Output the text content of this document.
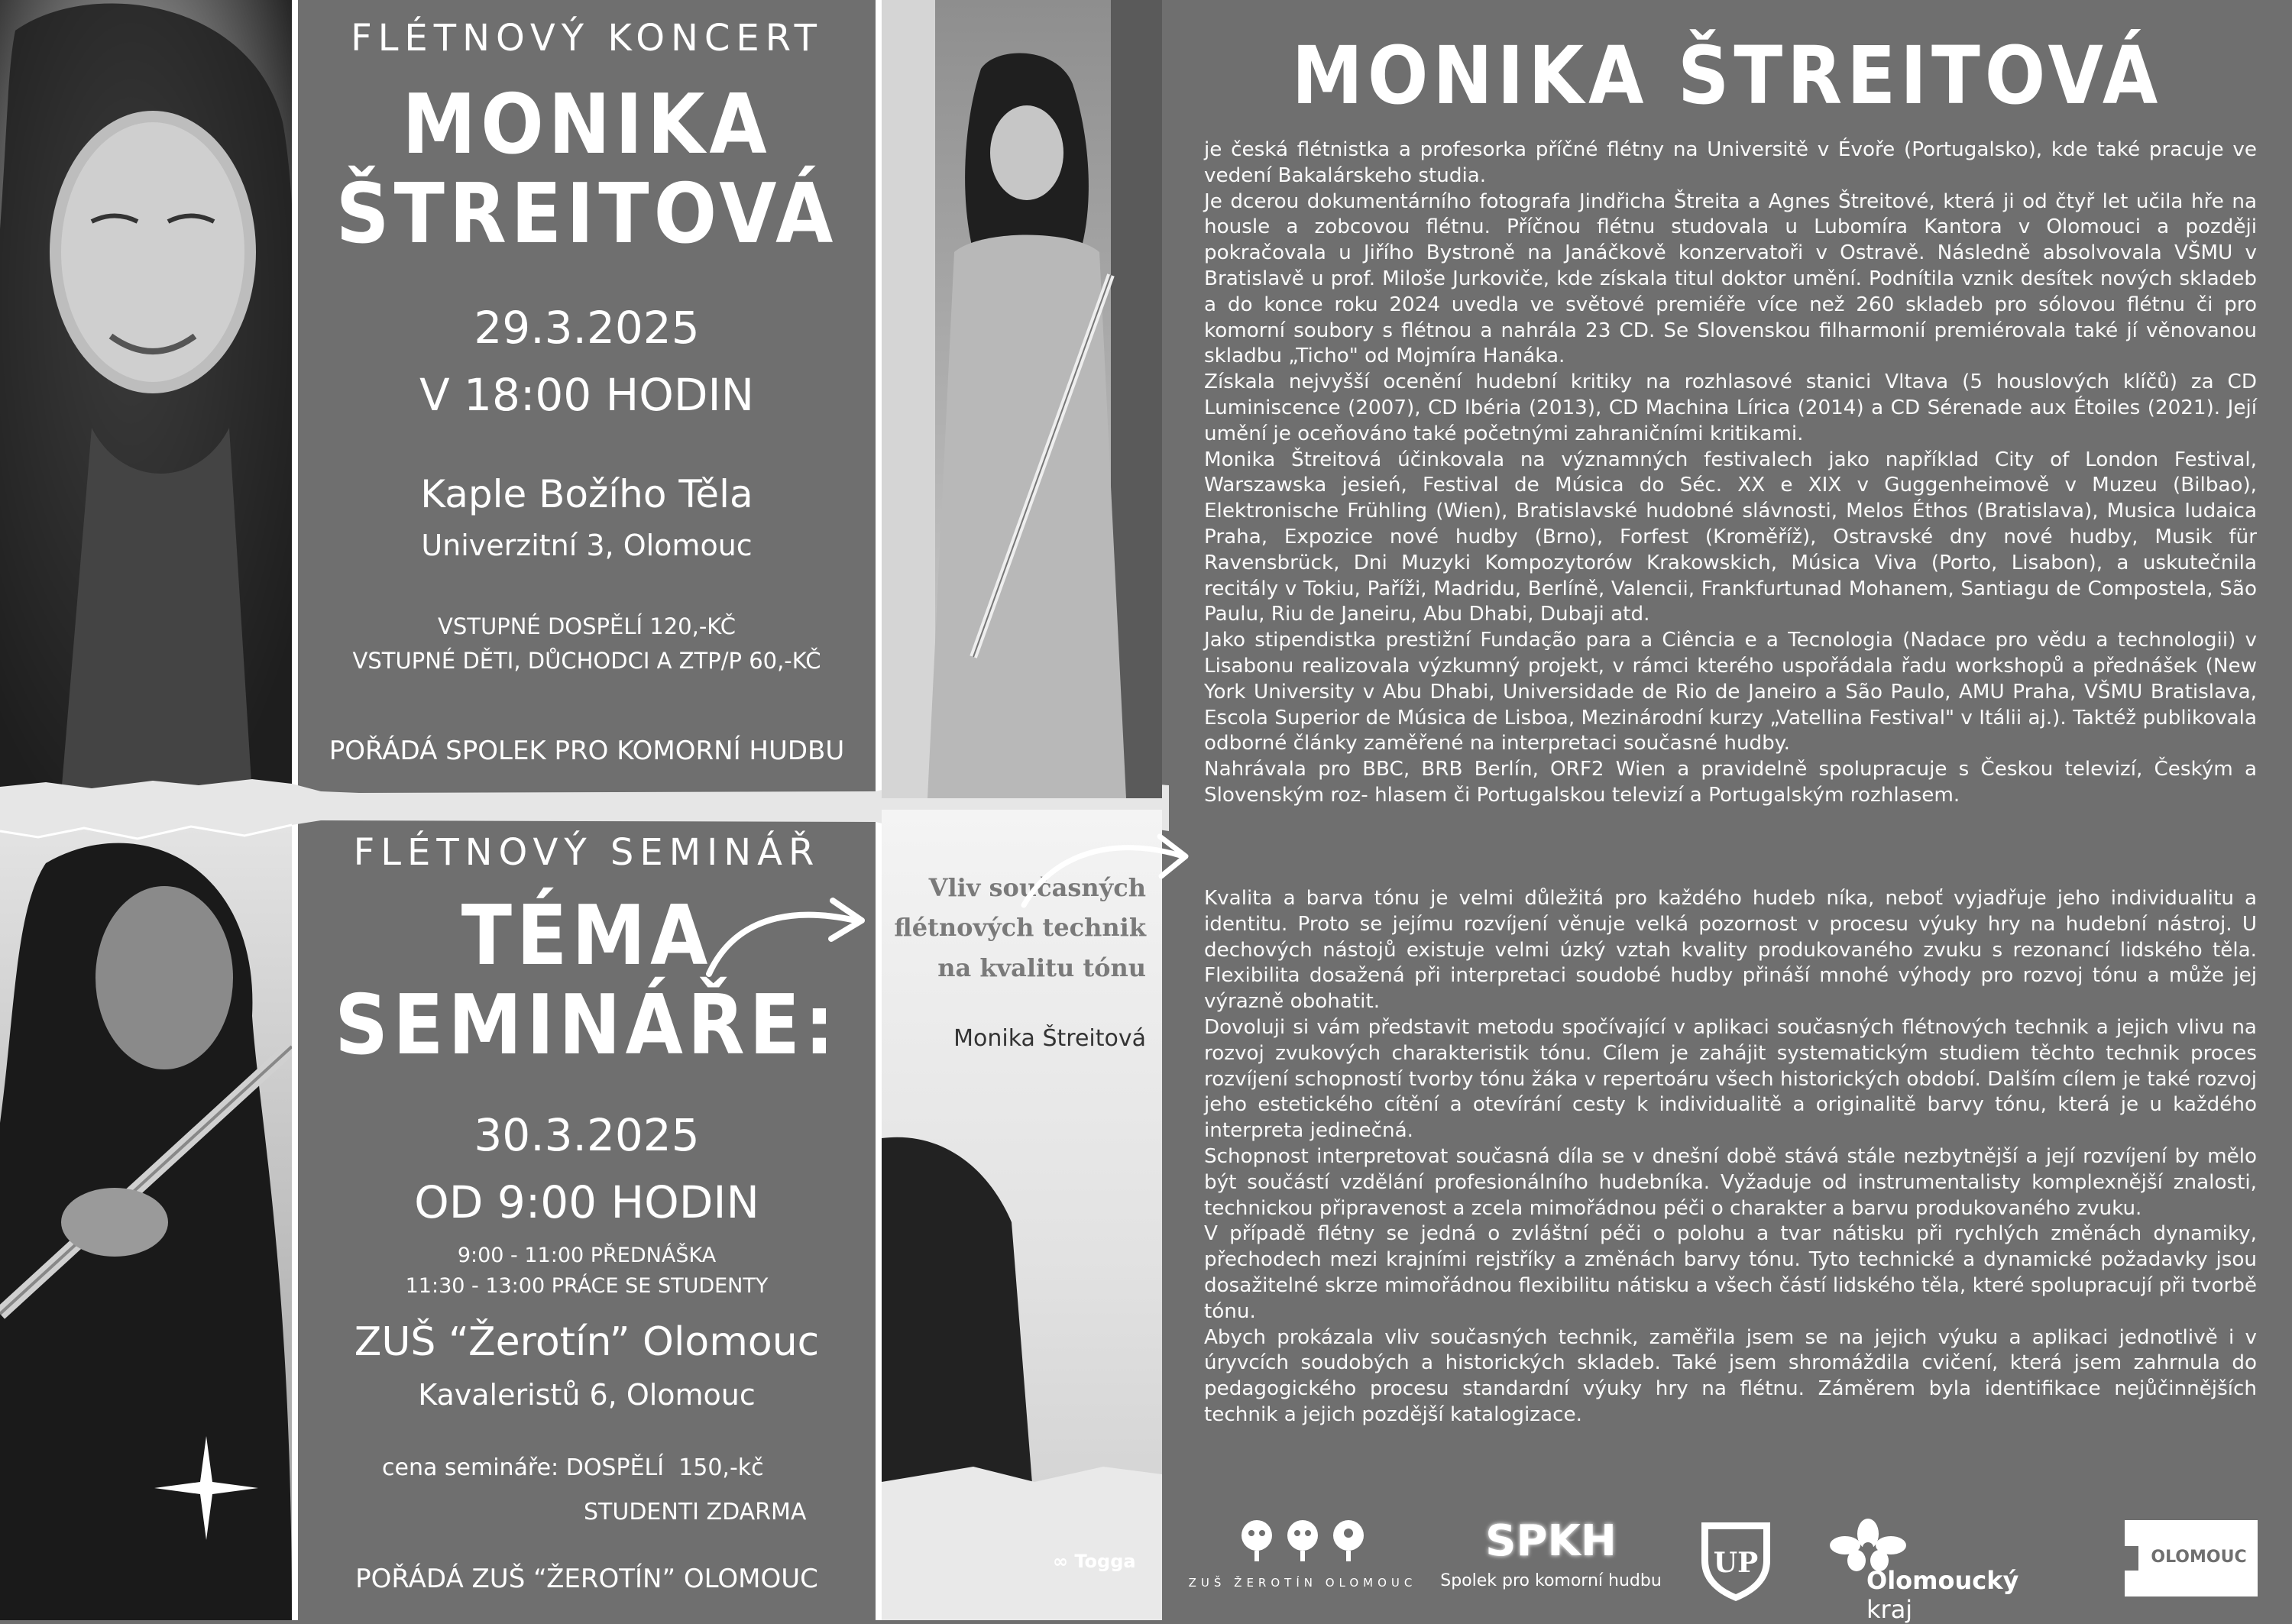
FLÉTNOVÝ KONCERT
MONIKA
ŠTREITOVÁ
29.3.2025
V 18:00 HODIN
Kaple Božího Těla
Univerzitní 3, Olomouc
VSTUPNÉ DOSPĚLÍ 120,-KČ
VSTUPNÉ DĚTI, DŮCHODCI A ZTP/P 60,-KČ
POŘÁDÁ SPOLEK PRO KOMORNÍ HUDBU
FLÉTNOVÝ SEMINÁŘ
TÉMA
SEMINÁŘE:
30.3.2025
OD 9:00 HODIN
9:00 - 11:00 PŘEDNÁŠKA
11:30 - 13:00 PRÁCE SE STUDENTY
ZUŠ “Žerotín” Olomouc
Kavaleristů 6, Olomouc
cena semináře: DOSPĚLÍ  150,-kč
STUDENTI ZDARMA
POŘÁDÁ ZUŠ “ŽEROTÍN” OLOMOUC
Vliv současných
flétnových technik
na kvalitu tónu
Monika Štreitová
∞ Togga
MONIKA ŠTREITOVÁ

je česká flétnistka a profesorka příčné flétny na Universitě v Évoře (Portugalsko), kde také pracuje ve vedení Bakalárskeho studia.

Je dcerou dokumentárního fotografa Jindřicha Štreita a Agnes Štreitové, která ji od čtyř let učila hře na housle a zobcovou flétnu. Příčnou flétnu studovala u Lubomíra Kantora v Olomouci a později pokračovala u Jiřího Bystroně na Janáčkově konzervatoři v Ostravě. Následně absolvovala VŠMU v Bratislavě u prof. Miloše Jurkoviče, kde získala titul doktor umění. Podnítila vznik desítek nových skladeb a do konce roku 2024 uvedla ve světové premiéře více než 260 skladeb pro sólovou flétnu či pro komorní soubory s flétnou a nahrála 23 CD. Se Slovenskou filharmonií premiérovala také jí věnovanou skladbu „Ticho" od Mojmíra Hanáka.

Získala nejvyšší ocenění hudební kritiky na rozhlasové stanici Vltava (5 houslových klíčů) za CD Luminiscence (2007), CD Ibéria (2013), CD Machina Lírica (2014) a CD Sérenade aux Étoiles (2021). Její umění je oceňováno také početnými zahraničními kritikami.

Monika Štreitová účinkovala na významných festivalech jako například City of London Festival, Warszawska jesień, Festival de Música do Séc. XX e XIX v Guggenheimově v Muzeu (Bilbao), Elektronische Frühling (Wien), Bratislavské hudobné slávnosti, Melos Éthos (Bratislava), Musica Iudaica Praha, Expozice nové hudby (Brno), Forfest (Kroměříž), Ostravské dny nové hudby, Musik für Ravensbrück, Dni Muzyki Kompozytorów Krakowskich, Música Viva (Porto, Lisabon), a uskutečnila recitály v Tokiu, Paříži, Madridu, Berlíně, Valencii, Frankfurtunad Mohanem, Santiagu de Compostela, São Paulu, Riu de Janeiru, Abu Dhabi, Dubaji atd.

Jako stipendistka prestižní Fundação para a Ciência e a Tecnologia (Nadace pro vědu a technologii) v Lisabonu realizovala výzkumný projekt, v rámci kterého uspořádala řadu workshopů a přednášek (New York University v Abu Dhabi, Universidade de Rio de Janeiro a São Paulo, AMU Praha, VŠMU Bratislava, Escola Superior de Música de Lisboa, Mezinárodní kurzy „Vatellina Festival" v Itálii aj.). Taktéž publikovala odborné články zaměřené na interpretaci současné hudby.

Nahrávala pro BBC, BRB Berlín, ORF2 Wien a pravidelně spolupracuje s Českou televizí, Českým a Slovenským roz- hlasem či Portugalskou televizí a Portugalským rozhlasem.

Kvalita a barva tónu je velmi důležitá pro každého hudeb níka, neboť vyjadřuje jeho individualitu a identitu. Proto se jejímu rozvíjení věnuje velká pozornost v procesu výuky hry na hudební nástroj. U dechových nástojů existuje velmi úzký vztah kvality produkovaného zvuku s rezonancí lidského těla. Flexibilita dosažená při interpretaci soudobé hudby přináší mnohé výhody pro rozvoj tónu a může jej výrazně obohatit.

Dovoluji si vám představit metodu spočívající v aplikaci současných flétnových technik a jejich vlivu na rozvoj zvukových charakteristik tónu. Cílem je zahájit systematickým studiem těchto technik proces rozvíjení schopností tvorby tónu žáka v repertoáru všech historických období. Dalším cílem je také rozvoj jeho estetického cítění a otevírání cesty k individualitě a originalitě barvy tónu, která je u každého interpreta jedinečná.

Schopnost interpretovat současná díla se v dnešní době stává stále nezbytnější a její rozvíjení by mělo být součástí vzdělání profesionálního hudebníka. Vyžaduje od instrumentalisty komplexnější znalosti, technickou připravenost a zcela mimořádnou péči o charakter a barvu produkovaného zvuku.

V případě flétny se jedná o zvláštní péči o polohu a tvar nátisku při rychlých změnách dynamiky, přechodech mezi krajními rejstříky a změnách barvy tónu. Tyto technické a dynamické požadavky jsou dosažitelné skrze mimořádnou flexibilitu nátisku a všech částí lidského těla, které spolupracují při tvorbě tónu.

Abych prokázala vliv současných technik, zaměřila jsem se na jejich výuku a aplikaci jednotlivě i v úryvcích soudobých a historických skladeb. Také jsem shromáždila cvičení, která jsem zahrnula do pedagogického procesu standardní výuky hry na flétnu. Záměrem byla identifikace nejůčinnějších technik a jejich pozdější katalogizace.

ZUŠ ŽEROTÍN OLOMOUC
SPKH
Spolek pro komorní hudbu
UP
Olomoucký kraj
OLOMOUC
